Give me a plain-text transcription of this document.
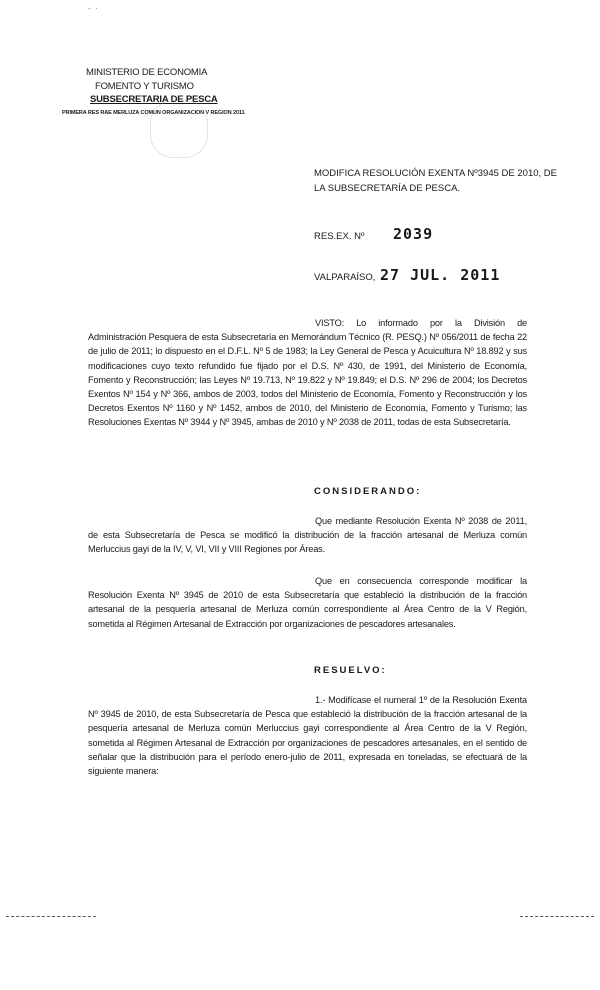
-  ·
MINISTERIO DE ECONOMIA
FOMENTO Y TURISMO
SUBSECRETARIA DE PESCA
PRIMERA RES RAE MERLUZA COMUN ORGANIZACION V REGION 2011
MODIFICA RESOLUCIÓN EXENTA Nº3945 DE 2010, DE LA SUBSECRETARÍA DE PESCA.
RES.EX. Nº 2039
VALPARAÍSO, 27 JUL. 2011
VISTO: Lo informado por la División de Administración Pesquera de esta Subsecretaría en Memorándum Técnico (R. PESQ.) Nº 056/2011 de fecha 22 de julio de 2011; lo dispuesto en el D.F.L. Nº 5 de 1983; la Ley General de Pesca y Acuicultura Nº 18.892 y sus modificaciones cuyo texto refundido fue fijado por el D.S. Nº 430, de 1991, del Ministerio de Economía, Fomento y Reconstrucción; las Leyes Nº 19.713, Nº 19.822 y Nº 19.849; el D.S. Nº 296 de 2004; los Decretos Exentos Nº 154 y Nº 366, ambos de 2003, todos del Ministerio de Economía, Fomento y Reconstrucción y los Decretos Exentos Nº 1160 y Nº 1452, ambos de 2010, del Ministerio de Economía, Fomento y Turismo; las Resoluciones Exentas Nº 3944 y Nº 3945, ambas de 2010 y Nº 2038 de 2011, todas de esta Subsecretaría.
CONSIDERANDO:
Que mediante Resolución Exenta Nº 2038 de 2011, de esta Subsecretaría de Pesca se modificó la distribución de la fracción artesanal de Merluza común Merluccius gayi de la IV, V, VI, VII y VIII Regiones por Áreas.
Que en consecuencia corresponde modificar la Resolución Exenta Nº 3945 de 2010 de esta Subsecretaría que estableció la distribución de la fracción artesanal de la pesquería artesanal de Merluza común correspondiente al Área Centro de la V Región, sometida al Régimen Artesanal de Extracción por organizaciones de pescadores artesanales.
RESUELVO:
1.- Modifícase el numeral 1º de la Resolución Exenta Nº 3945 de 2010, de esta Subsecretaría de Pesca que estableció la distribución de la fracción artesanal de la pesquería artesanal de Merluza común Merluccius gayi correspondiente al Área Centro de la V Región, sometida al Régimen Artesanal de Extracción por organizaciones de pescadores artesanales, en el sentido de señalar que la distribución para el período enero-julio de 2011, expresada en toneladas, se efectuará de la siguiente manera:
